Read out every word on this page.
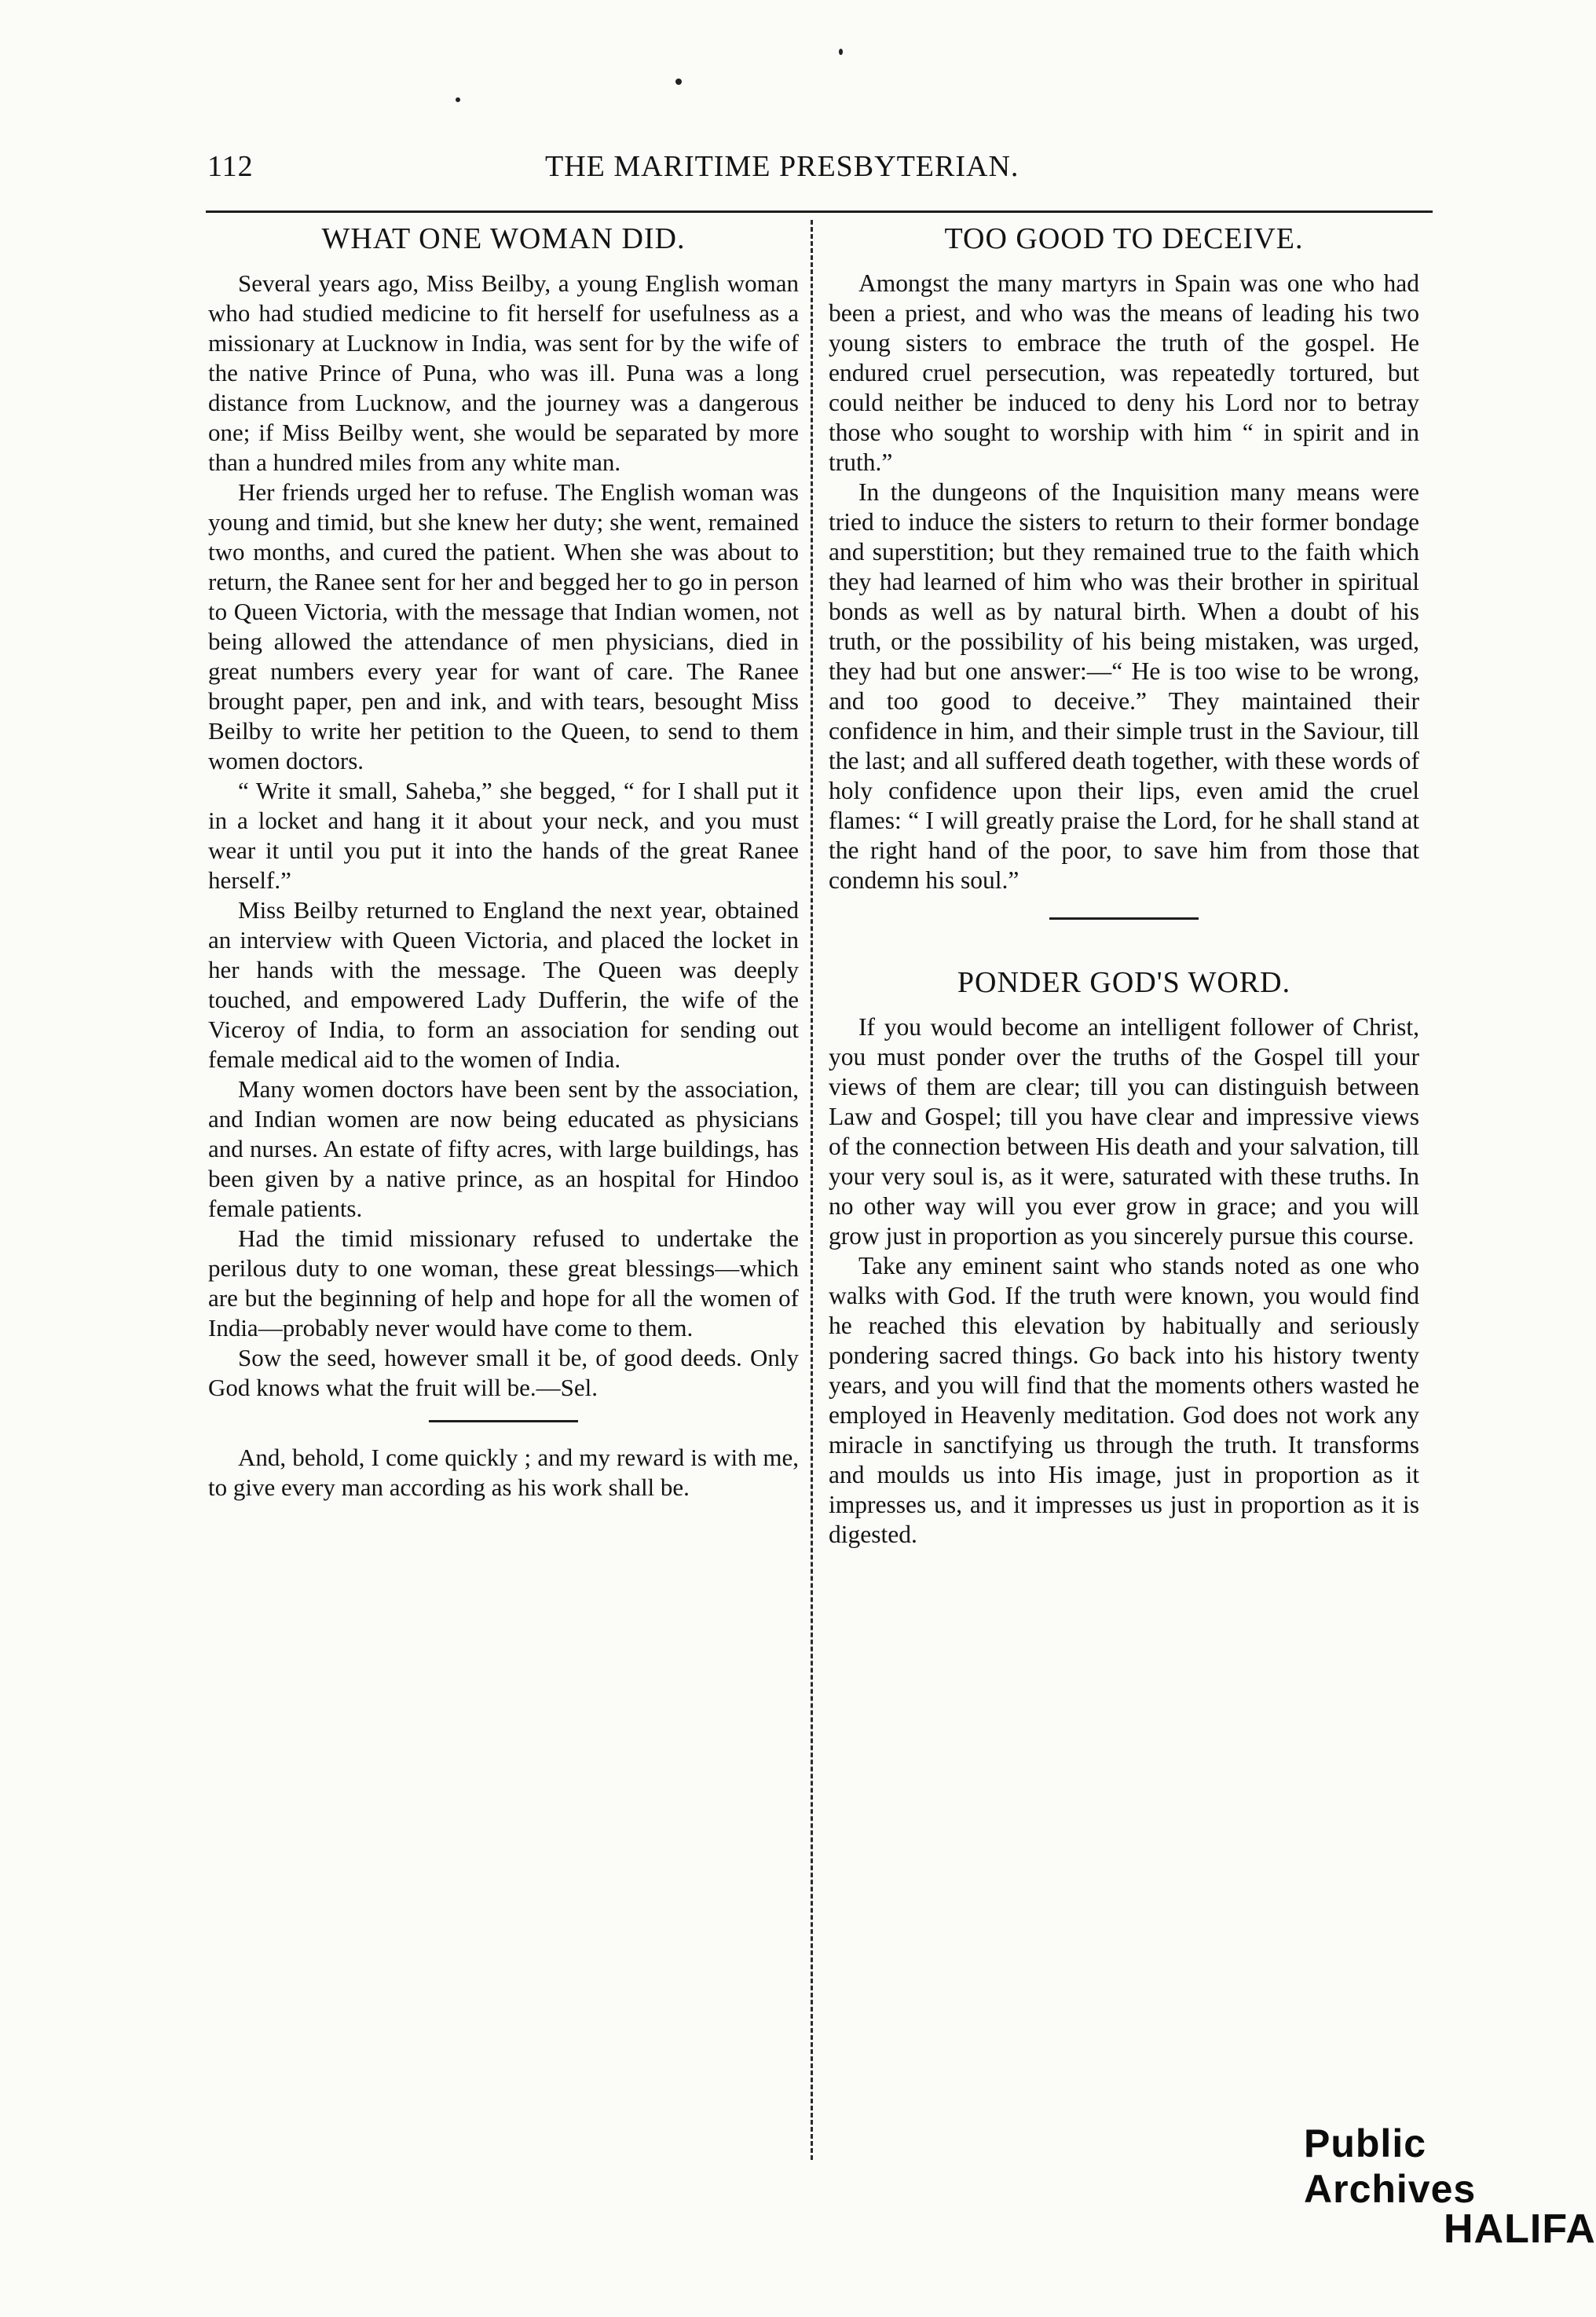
112	THE MARITIME PRESBYTERIAN.
WHAT ONE WOMAN DID.

Several years ago, Miss Beilby, a young English woman who had studied medicine to fit herself for usefulness as a missionary at Lucknow in India, was sent for by the wife of the native Prince of Puna, who was ill. Puna was a long distance from Lucknow, and the journey was a dangerous one; if Miss Beilby went, she would be separated by more than a hundred miles from any white man.

Her friends urged her to refuse. The English woman was young and timid, but she knew her duty; she went, remained two months, and cured the patient. When she was about to return, the Ranee sent for her and begged her to go in person to Queen Victoria, with the message that Indian women, not being allowed the attendance of men physicians, died in great numbers every year for want of care. The Ranee brought paper, pen and ink, and with tears, besought Miss Beilby to write her petition to the Queen, to send to them women doctors.

“ Write it small, Saheba,” she begged, “ for I shall put it in a locket and hang it it about your neck, and you must wear it until you put it into the hands of the great Ranee herself.”

Miss Beilby returned to England the next year, obtained an interview with Queen Victoria, and placed the locket in her hands with the message. The Queen was deeply touched, and empowered Lady Dufferin, the wife of the Viceroy of India, to form an association for sending out female medical aid to the women of India.

Many women doctors have been sent by the association, and Indian women are now being educated as physicians and nurses. An estate of fifty acres, with large buildings, has been given by a native prince, as an hospital for Hindoo female patients.

Had the timid missionary refused to undertake the perilous duty to one woman, these great blessings—which are but the beginning of help and hope for all the women of India—probably never would have come to them.

Sow the seed, however small it be, of good deeds. Only God knows what the fruit will be.—Sel.

And, behold, I come quickly ; and my reward is with me, to give every man according as his work shall be.

TOO GOOD TO DECEIVE.

Amongst the many martyrs in Spain was one who had been a priest, and who was the means of leading his two young sisters to embrace the truth of the gospel. He endured cruel persecution, was repeatedly tortured, but could neither be induced to deny his Lord nor to betray those who sought to worship with him “ in spirit and in truth.”

In the dungeons of the Inquisition many means were tried to induce the sisters to return to their former bondage and superstition; but they remained true to the faith which they had learned of him who was their brother in spiritual bonds as well as by natural birth. When a doubt of his truth, or the possibility of his being mistaken, was urged, they had but one answer:—“ He is too wise to be wrong, and too good to deceive.” They maintained their confidence in him, and their simple trust in the Saviour, till the last; and all suffered death together, with these words of holy confidence upon their lips, even amid the cruel flames: “ I will greatly praise the Lord, for he shall stand at the right hand of the poor, to save him from those that condemn his soul.”

PONDER GOD'S WORD.

If you would become an intelligent follower of Christ, you must ponder over the truths of the Gospel till your views of them are clear; till you can distinguish between Law and Gospel; till you have clear and impressive views of the connection between His death and your salvation, till your very soul is, as it were, saturated with these truths. In no other way will you ever grow in grace; and you will grow just in proportion as you sincerely pursue this course.

Take any eminent saint who stands noted as one who walks with God. If the truth were known, you would find he reached this elevation by habitually and seriously pondering sacred things. Go back into his history twenty years, and you will find that the moments others wasted he employed in Heavenly meditation. God does not work any miracle in sanctifying us through the truth. It transforms and moulds us into His image, just in proportion as it impresses us, and it impresses us just in proportion as it is digested.

Public Archives
HALIFA
